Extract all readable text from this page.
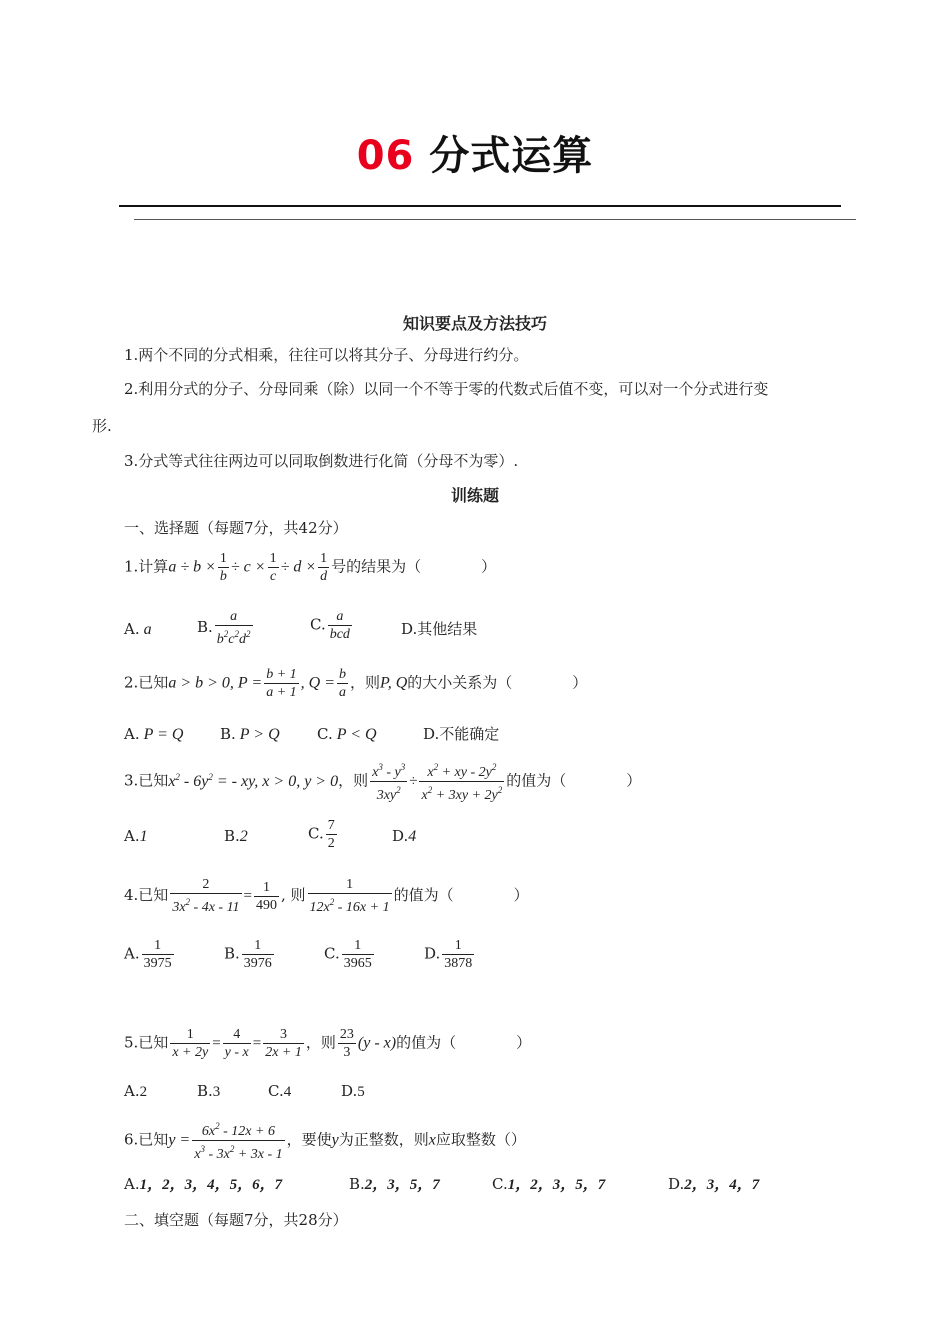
06 分式运算
知识要点及方法技巧
1.两个不同的分式相乘，往往可以将其分子、分母进行约分。
2.利用分式的分子、分母同乘（除）以同一个不等于零的代数式后值不变，可以对一个分式进行变
形.
3.分式等式往往两边可以同取倒数进行化简（分母不为零）.
训练题
一、选择题（每题7分，共42分）
1.计算$a \div b \times \frac{1}{b} \div c \times \frac{1}{c} \div d \times \frac{1}{d}$ 号的结果为（　　　　）
A. a	B. $\frac{a}{b^2c^2d^2}$	C. a
bcd	D.其他结果
2.已知a > b > 0, $P = \frac{b + 1}{a + 1}$ , $Q = \frac{b}{a}$ ，则P, Q的大小关系为（　　　　）
A. P = Q B. P > Q C. P < Q	D.不能确定
3.已知$x^2 - 6y^2$ = - xy, x > 0, y > 0，则 $\frac{x^3 - y^3}{3xy^2} \div \frac{x^2 + xy - 2y^2}{x^2 + 3xy + 2y^2}$ 的值为（　　　　）
A.1	B.2	C. $\frac{7}{2}$	D.4
4.已知 $\frac{2}{3x^2 - 4x - 11} = \frac{1}{490}$ , 则 $\frac{1}{12x^2 - 16x + 1}$ 的值为（　　　　）
A. $\frac{1}{3975}$	B. $\frac{1}{3976}$	C. $\frac{1}{3965}$	D. $\frac{1}{3878}$
5.已知 $\frac{1}{x + 2y} = \frac{4}{y - x} = \frac{3}{2x + 1}$ ，则 $\frac{23}{3} (y - x)$的值为（　　　　）
A.2	B.3	C.4	D.5
6.已知$y = \frac{6x^2 - 12x + 6}{x^3 - 3x^2 + 3x - 1}$ ，要使y为正整数，则x应取整数（）
A.1，2，3，4，5，6，7	B.2，3，5，7	C.1，2，3，5，7	D.2，3，4，7
二、填空题（每题7分，共28分）
